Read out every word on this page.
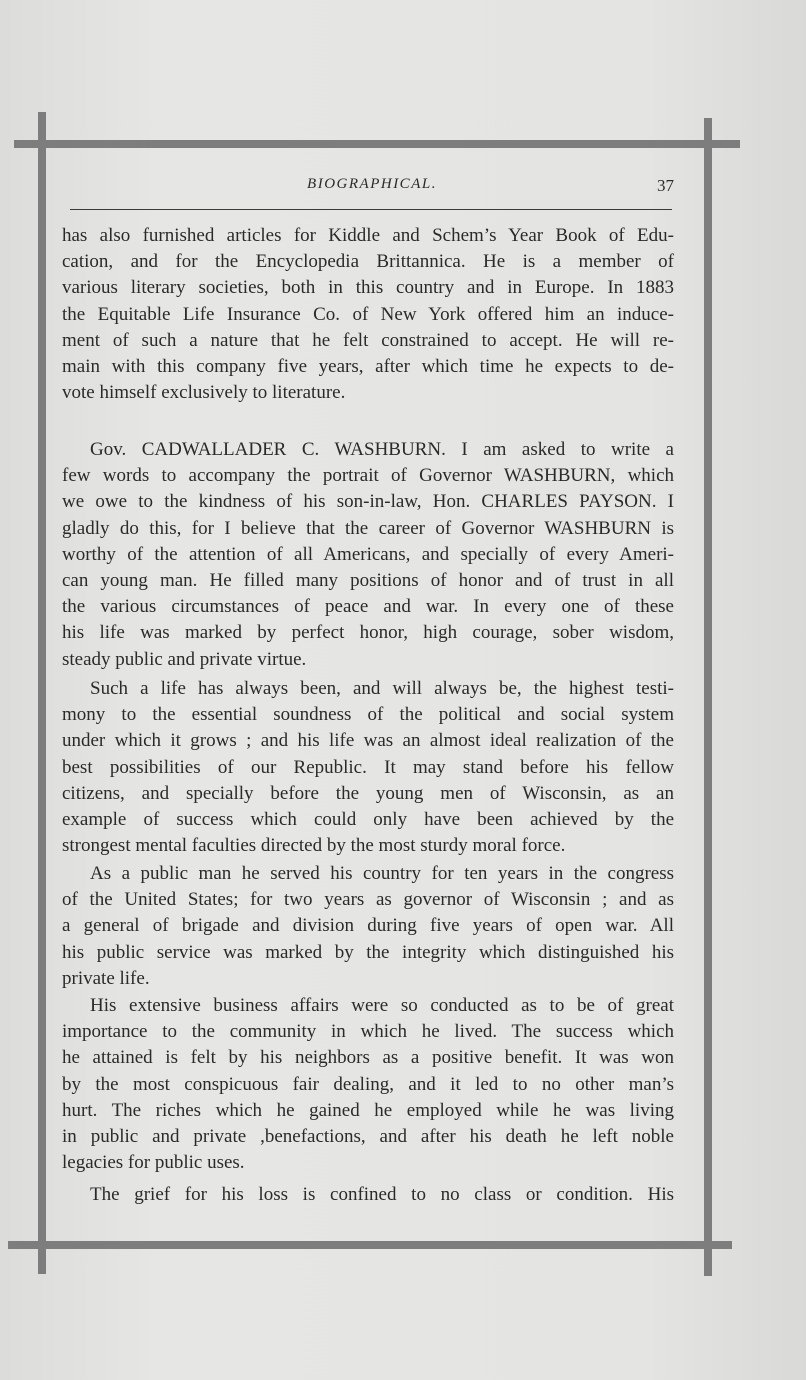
BIOGRAPHICAL.	37
has also furnished articles for Kiddle and Schem’s Year Book of Edu-
cation, and for the Encyclopedia Brittannica. He is a member of
various literary societies, both in this country and in Europe. In 1883
the Equitable Life Insurance Co. of New York offered him an induce-
ment of such a nature that he felt constrained to accept. He will re-
main with this company five years, after which time he expects to de-
vote himself exclusively to literature.
Gov. CADWALLADER C. WASHBURN. I am asked to write a
few words to accompany the portrait of Governor WASHBURN, which
we owe to the kindness of his son-in-law, Hon. CHARLES PAYSON. I
gladly do this, for I believe that the career of Governor WASHBURN is
worthy of the attention of all Americans, and specially of every Ameri-
can young man. He filled many positions of honor and of trust in all
the various circumstances of peace and war. In every one of these
his life was marked by perfect honor, high courage, sober wisdom,
steady public and private virtue.
Such a life has always been, and will always be, the highest testi-
mony to the essential soundness of the political and social system
under which it grows ; and his life was an almost ideal realization of the
best possibilities of our Republic. It may stand before his fellow
citizens, and specially before the young men of Wisconsin, as an
example of success which could only have been achieved by the
strongest mental faculties directed by the most sturdy moral force.
As a public man he served his country for ten years in the congress
of the United States; for two years as governor of Wisconsin ; and as
a general of brigade and division during five years of open war. All
his public service was marked by the integrity which distinguished his
private life.
His extensive business affairs were so conducted as to be of great
importance to the community in which he lived. The success which
he attained is felt by his neighbors as a positive benefit. It was won
by the most conspicuous fair dealing, and it led to no other man’s
hurt. The riches which he gained he employed while he was living
in public and private ,benefactions, and after his death he left noble
legacies for public uses.
The grief for his loss is confined to no class or condition. His
